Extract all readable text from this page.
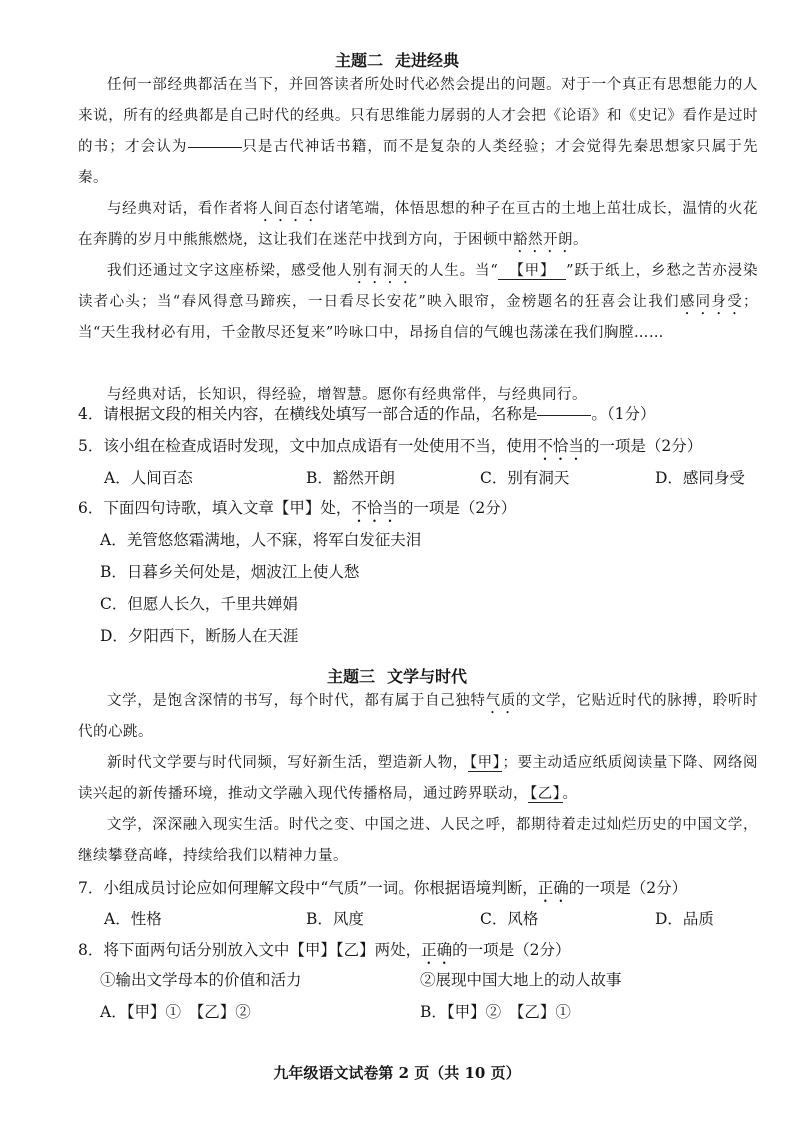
主题二 走进经典
任何一部经典都活在当下，并回答读者所处时代必然会提出的问题。对于一个真正有思想能力的人来说，所有的经典都是自己时代的经典。只有思维能力孱弱的人才会把《论语》和《史记》看作是过时的书；才会认为	只是古代神话书籍，而不是复杂的人类经验；才会觉得先秦思想家只属于先秦。
与经典对话，看作者将人间百态付诸笔端，体悟思想的种子在亘古的土地上茁壮成长，温情的火花在奔腾的岁月中熊熊燃烧，这让我们在迷茫中找到方向，于困顿中豁然开朗。
我们还通过文字这座桥梁，感受他人别有洞天的人生。当“ 【甲】 ”跃于纸上，乡愁之苦亦浸染读者心头；当“春风得意马蹄疾，一日看尽长安花”映入眼帘，金榜题名的狂喜会让我们感同身受；当“天生我材必有用，千金散尽还复来”吟咏口中，昂扬自信的气魄也荡漾在我们胸膛……
与经典对话，长知识，得经验，增智慧。愿你有经典常伴，与经典同行。
4．请根据文段的相关内容，在横线处填写一部合适的作品，名称是	。（1分）
5．该小组在检查成语时发现，文中加点成语有一处使用不当，使用不恰当的一项是（2分）
A．人间百态	B．豁然开朗	C．别有洞天	D．感同身受
6．下面四句诗歌，填入文章【甲】处，不恰当的一项是（2分）
A．羌管悠悠霜满地，人不寐，将军白发征夫泪
B．日暮乡关何处是，烟波江上使人愁
C．但愿人长久，千里共婵娟
D．夕阳西下，断肠人在天涯
主题三 文学与时代
文学，是饱含深情的书写，每个时代，都有属于自己独特气质的文学，它贴近时代的脉搏，聆听时代的心跳。
新时代文学要与时代同频，写好新生活，塑造新人物， 【甲】 ；要主动适应纸质阅读量下降、网络阅读兴起的新传播环境，推动文学融入现代传播格局，通过跨界联动， 【乙】 。
文学，深深融入现实生活。时代之变、中国之进、人民之呼，都期待着走过灿烂历史的中国文学，继续攀登高峰，持续给我们以精神力量。
7．小组成员讨论应如何理解文段中“气质”一词。你根据语境判断，正确的一项是（2分）
A．性格	B．风度	C．风格	D．品质
8．将下面两句话分别放入文中【甲】【乙】两处，正确的一项是（2分）
①输出文学母本的价值和活力	②展现中国大地上的动人故事
A．【甲】①　【乙】②	B．【甲】②　【乙】①
九年级语文试卷第 2 页（共 10 页）
